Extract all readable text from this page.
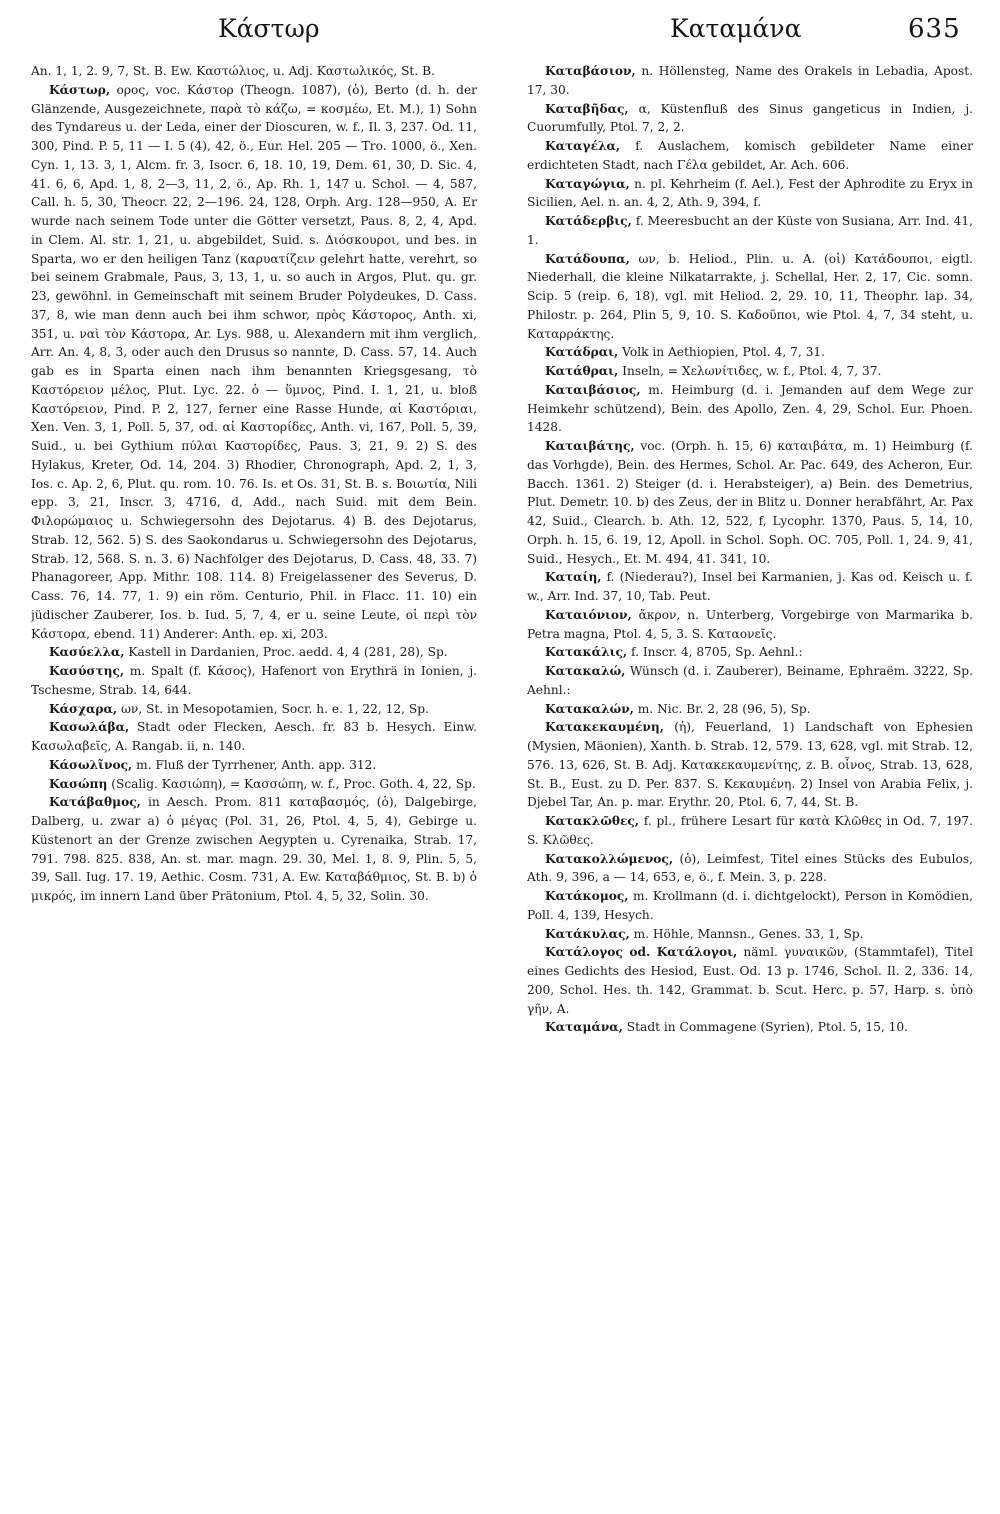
Κάστωρ	Καταμάνα	635

An. 1, 1, 2. 9, 7, St. B. Ew. Καστώλιος, u. Adj. Καστωλικός, St. B.

Κάστωρ, ορος, voc. Κάστορ (Theogn. 1087), (ὁ), Berto (d. h. der Glänzende, Ausgezeichnete, παρὰ τὸ κάζω, = κοσμέω, Et. M.), 1) Sohn des Tyndareus u. der Leda, einer der Dioscuren, w. f., Il. 3, 237. Od. 11, 300, Pind. P. 5, 11 — I. 5 (4), 42, ö., Eur. Hel. 205 — Tro. 1000, ö., Xen. Cyn. 1, 13. 3, 1, Alcm. fr. 3, Isocr. 6, 18. 10, 19, Dem. 61, 30, D. Sic. 4, 41. 6, 6, Apd. 1, 8, 2—3, 11, 2, ö., Ap. Rh. 1, 147 u. Schol. — 4, 587, Call. h. 5, 30, Theocr. 22, 2—196. 24, 128, Orph. Arg. 128—950, A. Er wurde nach seinem Tode unter die Götter versetzt, Paus. 8, 2, 4, Apd. in Clem. Al. str. 1, 21, u. abgebildet, Suid. s. Διόσκουροι, und bes. in Sparta, wo er den heiligen Tanz (καρυατίζειν gelehrt hatte, verehrt, so bei seinem Grabmale, Paus, 3, 13, 1, u. so auch in Argos, Plut. qu. gr. 23, gewöhnl. in Gemeinschaft mit seinem Bruder Polydeukes, D. Cass. 37, 8, wie man denn auch bei ihm schwor, πρὸς Κάστορος, Anth. xi, 351, u. ναὶ τὸν Κάστορα, Ar. Lys. 988, u. Alexandern mit ihm verglich, Arr. An. 4, 8, 3, oder auch den Drusus so nannte, D. Cass. 57, 14. Auch gab es in Sparta einen nach ihm benannten Kriegsgesang, τὸ Καστόρειον μέλος, Plut. Lyc. 22. ὁ — ὕμνος, Pind. I. 1, 21, u. bloß Καστόρειον, Pind. P. 2, 127, ferner eine Rasse Hunde, αἱ Καστόριαι, Xen. Ven. 3, 1, Poll. 5, 37, od. αἱ Καστορίδες, Anth. vi, 167, Poll. 5, 39, Suid., u. bei Gythium πύλαι Καστορίδες, Paus. 3, 21, 9. 2) S. des Hylakus, Kreter, Od. 14, 204. 3) Rhodier, Chronograph, Apd. 2, 1, 3, Ios. c. Ap. 2, 6, Plut. qu. rom. 10. 76. Is. et Os. 31, St. B. s. Βοιωτία, Nili epp. 3, 21, Inscr. 3, 4716, d, Add., nach Suid. mit dem Bein. Φιλορώμαιος u. Schwiegersohn des Dejotarus. 4) B. des Dejotarus, Strab. 12, 562. 5) S. des Saokondarus u. Schwiegersohn des Dejotarus, Strab. 12, 568. S. n. 3. 6) Nachfolger des Dejotarus, D. Cass. 48, 33. 7) Phanagoreer, App. Mithr. 108. 114. 8) Freigelassener des Severus, D. Cass. 76, 14. 77, 1. 9) ein röm. Centurio, Phil. in Flacc. 11. 10) ein jüdischer Zauberer, Ios. b. Iud. 5, 7, 4, er u. seine Leute, οἱ περὶ τὸν Κάστορα, ebend. 11) Anderer: Anth. ep. xi, 203.

Κασύελλα, Kastell in Dardanien, Proc. aedd. 4, 4 (281, 28), Sp.

Κασύστης, m. Spalt (f. Κάσος), Hafenort von Erythrä in Ionien, j. Tschesme, Strab. 14, 644.

Κάσχαρα, ων, St. in Mesopotamien, Socr. h. e. 1, 22, 12, Sp.

Κασωλάβα, Stadt oder Flecken, Aesch. fr. 83 b. Hesych. Einw. Κασωλαβεῖς, A. Rangab. ii, n. 140.

Κάσωλῖνος, m. Fluß der Tyrrhener, Anth. app. 312.

Κασώπη (Scalig. Κασιώπη), = Κασσώπη, w. f., Proc. Goth. 4, 22, Sp.

Κατάβαθμος, in Aesch. Prom. 811 καταβασμός, (ὁ), Dalgebirge, Dalberg, u. zwar a) ὁ μέγας (Pol. 31, 26, Ptol. 4, 5, 4), Gebirge u. Küstenort an der Grenze zwischen Aegypten u. Cyrenaika, Strab. 17, 791. 798. 825. 838, An. st. mar. magn. 29. 30, Mel. 1, 8. 9, Plin. 5, 5, 39, Sall. Iug. 17. 19, Aethic. Cosm. 731, A. Ew. Καταβάθμιος, St. B. b) ὁ μικρός, im innern Land über Prätonium, Ptol. 4, 5, 32, Solin. 30.

Καταβάσιον, n. Höllensteg, Name des Orakels in Lebadia, Apost. 17, 30.

Καταβῆδας, α, Küstenfluß des Sinus gangeticus in Indien, j. Cuorumfully, Ptol. 7, 2, 2.

Καταγέλα, f. Auslachem, komisch gebildeter Name einer erdichteten Stadt, nach Γέλα gebildet, Ar. Ach. 606.

Καταγώγια, n. pl. Kehrheim (f. Ael.), Fest der Aphrodite zu Eryx in Sicilien, Ael. n. an. 4, 2, Ath. 9, 394, f.

Κατάδερβις, f. Meeresbucht an der Küste von Susiana, Arr. Ind. 41, 1.

Κατάδουπα, ων, b. Heliod., Plin. u. A. (οἱ) Κατάδουποι, eigtl. Niederhall, die kleine Nilkatarrakte, j. Schellal, Her. 2, 17, Cic. somn. Scip. 5 (reip. 6, 18), vgl. mit Heliod. 2, 29. 10, 11, Theophr. lap. 34, Philostr. p. 264, Plin 5, 9, 10. S. Καδοῦποι, wie Ptol. 4, 7, 34 steht, u. Καταρράκτης.

Κατάδραι, Volk in Aethiopien, Ptol. 4, 7, 31.

Κατάθραι, Inseln, = Χελωνίτιδες, w. f., Ptol. 4, 7, 37.

Καταιβάσιος, m. Heimburg (d. i. Jemanden auf dem Wege zur Heimkehr schützend), Bein. des Apollo, Zen. 4, 29, Schol. Eur. Phoen. 1428.

Καταιβάτης, voc. (Orph. h. 15, 6) καταιβάτα, m. 1) Heimburg (f. das Vorhgde), Bein. des Hermes, Schol. Ar. Pac. 649, des Acheron, Eur. Bacch. 1361. 2) Steiger (d. i. Herabsteiger), a) Bein. des Demetrius, Plut. Demetr. 10. b) des Zeus, der in Blitz u. Donner herabfährt, Ar. Pax 42, Suid., Clearch. b. Ath. 12, 522, f, Lycophr. 1370, Paus. 5, 14, 10, Orph. h. 15, 6. 19, 12, Apoll. in Schol. Soph. OC. 705, Poll. 1, 24. 9, 41, Suid., Hesych., Et. M. 494, 41. 341, 10.

Καταίη, f. (Niederau?), Insel bei Karmanien, j. Kas od. Keisch u. f. w., Arr. Ind. 37, 10, Tab. Peut.

Καταιόνιον, ἄκρον, n. Unterberg, Vorgebirge von Marmarika b. Petra magna, Ptol. 4, 5, 3. S. Καταονεῖς.

Κατακάλις, f. Inscr. 4, 8705, Sp. Aehnl.:

Κατακαλώ, Wünsch (d. i. Zauberer), Beiname, Ephraëm. 3222, Sp. Aehnl.:

Κατακαλών, m. Nic. Br. 2, 28 (96, 5), Sp.

Κατακεκαυμένη, (ἡ), Feuerland, 1) Landschaft von Ephesien (Mysien, Mäonien), Xanth. b. Strab. 12, 579. 13, 628, vgl. mit Strab. 12, 576. 13, 626, St. B. Adj. Κατακεκαυμενίτης, z. B. οἶνος, Strab. 13, 628, St. B., Eust. zu D. Per. 837. S. Κεκαυμένη. 2) Insel von Arabia Felix, j. Djebel Tar, An. p. mar. Erythr. 20, Ptol. 6, 7, 44, St. B.

Κατακλῶθες, f. pl., frühere Lesart für κατὰ Κλῶθες in Od. 7, 197. S. Κλῶθες.

Κατακολλώμενος, (ὁ), Leimfest, Titel eines Stücks des Eubulos, Ath. 9, 396, a — 14, 653, e, ö., f. Mein. 3, p. 228.

Κατάκομος, m. Krollmann (d. i. dichtgelockt), Person in Komödien, Poll. 4, 139, Hesych.

Κατάκυλας, m. Höhle, Mannsn., Genes. 33, 1, Sp.

Κατάλογος od. Κατάλογοι, näml. γυναικῶν, (Stammtafel), Titel eines Gedichts des Hesiod, Eust. Od. 13 p. 1746, Schol. Il. 2, 336. 14, 200, Schol. Hes. th. 142, Grammat. b. Scut. Herc. p. 57, Harp. s. ὑπὸ γῆν, A.

Καταμάνα, Stadt in Commagene (Syrien), Ptol. 5, 15, 10.
